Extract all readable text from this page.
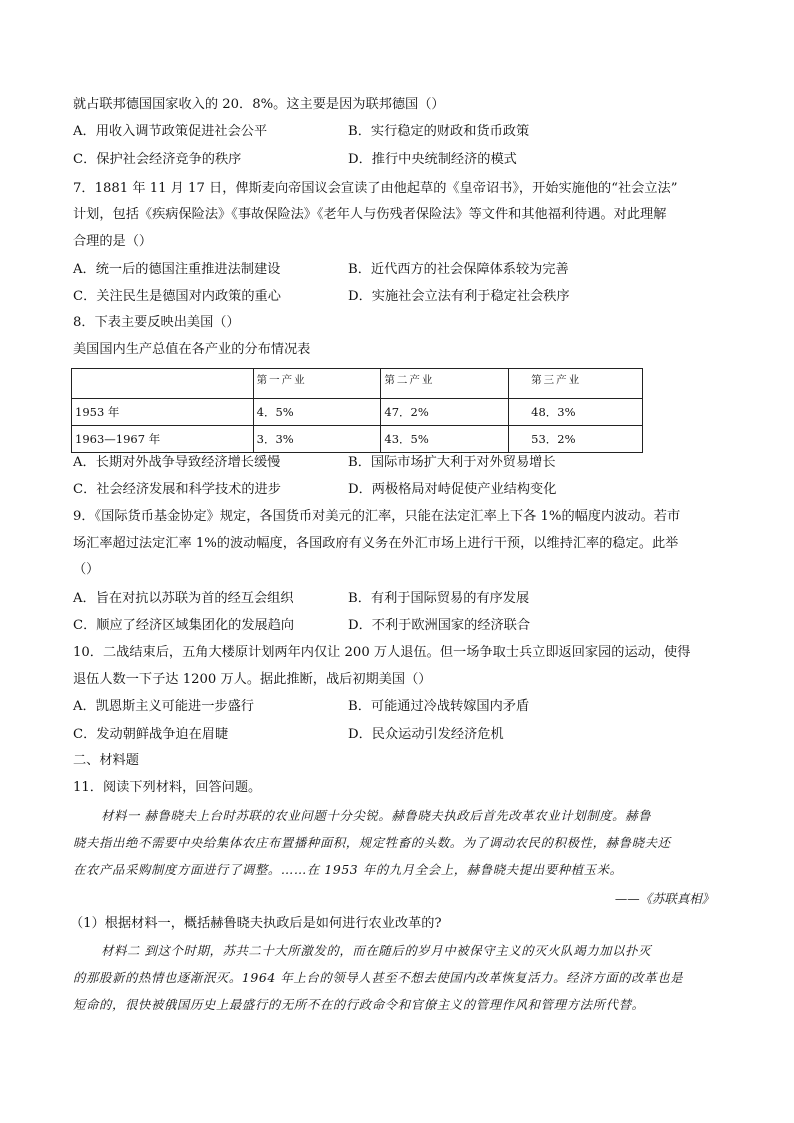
就占联邦德国国家收入的 20．8%。这主要是因为联邦德国（）
A．用收入调节政策促进社会公平	B．实行稳定的财政和货币政策
C．保护社会经济竞争的秩序	D．推行中央统制经济的模式
7．1881 年 11 月 17 日，俾斯麦向帝国议会宣读了由他起草的《皇帝诏书》，开始实施他的“社会立法”
计划，包括《疾病保险法》《事故保险法》《老年人与伤残者保险法》等文件和其他福利待遇。对此理解
合理的是（）
A．统一后的德国注重推进法制建设	B．近代西方的社会保障体系较为完善
C．关注民生是德国对内政策的重心	D．实施社会立法有利于稳定社会秩序
8．下表主要反映出美国（）
美国国内生产总值在各产业的分布情况表
	第一产业	第二产业	第三产业
1953 年	4．5%	47．2%	48．3%
1963—1967 年	3．3%	43．5%	53．2%
A．长期对外战争导致经济增长缓慢	B．国际市场扩大利于对外贸易增长
C．社会经济发展和科学技术的进步	D．两极格局对峙促使产业结构变化
9．《国际货币基金协定》规定，各国货币对美元的汇率，只能在法定汇率上下各 1%的幅度内波动。若市
场汇率超过法定汇率 1%的波动幅度，各国政府有义务在外汇市场上进行干预，以维持汇率的稳定。此举
（）
A．旨在对抗以苏联为首的经互会组织	B．有利于国际贸易的有序发展
C．顺应了经济区域集团化的发展趋向	D．不利于欧洲国家的经济联合
10．二战结束后，五角大楼原计划两年内仅让 200 万人退伍。但一场争取士兵立即返回家园的运动，使得
退伍人数一下子达 1200 万人。据此推断，战后初期美国（）
A．凯恩斯主义可能进一步盛行	B．可能通过冷战转嫁国内矛盾
C．发动朝鲜战争迫在眉睫	D．民众运动引发经济危机
二、材料题
11．阅读下列材料，回答问题。
材料一 赫鲁晓夫上台时苏联的农业问题十分尖锐。赫鲁晓夫执政后首先改革农业计划制度。赫鲁
晓夫指出绝不需要中央给集体农庄布置播种面积，规定牲畜的头数。为了调动农民的积极性，赫鲁晓夫还
在农产品采购制度方面进行了调整。……在 1953 年的九月全会上，赫鲁晓夫提出要种植玉米。
——《苏联真相》
（1）根据材料一，概括赫鲁晓夫执政后是如何进行农业改革的?
材料二 到这个时期，苏共二十大所激发的，而在随后的岁月中被保守主义的灭火队竭力加以扑灭
的那股新的热情也逐渐泯灭。1964 年上台的领导人甚至不想去使国内改革恢复活力。经济方面的改革也是
短命的，很快被俄国历史上最盛行的无所不在的行政命令和官僚主义的管理作风和管理方法所代替。
